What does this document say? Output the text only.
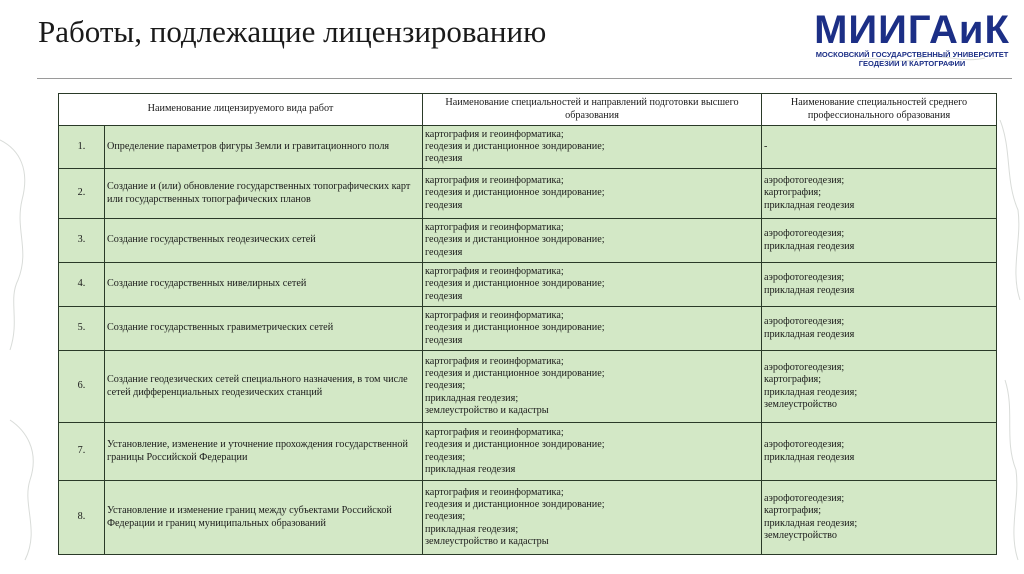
Работы, подлежащие лицензированию	МИИГАиК
МОСКОВСКИЙ ГОСУДАРСТВЕННЫЙ УНИВЕРСИТЕТ
ГЕОДЕЗИИ И КАРТОГРАФИИ
Наименование лицензируемого вида работ		Наименование специальностей и направлений подготовки высшего образования	Наименование специальностей среднего профессионального образования
1.	Определение параметров фигуры Земли и гравитационного поля	картография и геоинформатика;
геодезия и дистанционное зондирование;
геодезия	-

2.	Создание и (или) обновление государственных топографических карт или государственных топографических планов	картография и геоинформатика;
геодезия и дистанционное зондирование;
геодезия	аэрофотогеодезия;
картография;
прикладная геодезия

3.	Создание государственных геодезических сетей	картография и геоинформатика;
геодезия и дистанционное зондирование;
геодезия	аэрофотогеодезия;
прикладная геодезия

4.	Создание государственных нивелирных сетей	картография и геоинформатика;
геодезия и дистанционное зондирование;
геодезия	аэрофотогеодезия;
прикладная геодезия

5.	Создание государственных гравиметрических сетей	картография и геоинформатика;
геодезия и дистанционное зондирование;
геодезия	аэрофотогеодезия;
прикладная геодезия

6.	Создание геодезических сетей специального назначения, в том числе сетей дифференциальных геодезических станций	картография и геоинформатика;
геодезия и дистанционное зондирование;
геодезия;
прикладная геодезия;
землеустройство и кадастры	аэрофотогеодезия;
картография;
прикладная геодезия;
землеустройство

7.	Установление, изменение и уточнение прохождения государственной границы Российской Федерации	картография и геоинформатика;
геодезия и дистанционное зондирование;
геодезия;
прикладная геодезия	аэрофотогеодезия;
прикладная геодезия

8.	Установление и изменение границ между субъектами Российской Федерации и границ муниципальных образований	картография и геоинформатика;
геодезия и дистанционное зондирование;
геодезия;
прикладная геодезия;
землеустройство и кадастры	аэрофотогеодезия;
картография;
прикладная геодезия;
землеустройство
